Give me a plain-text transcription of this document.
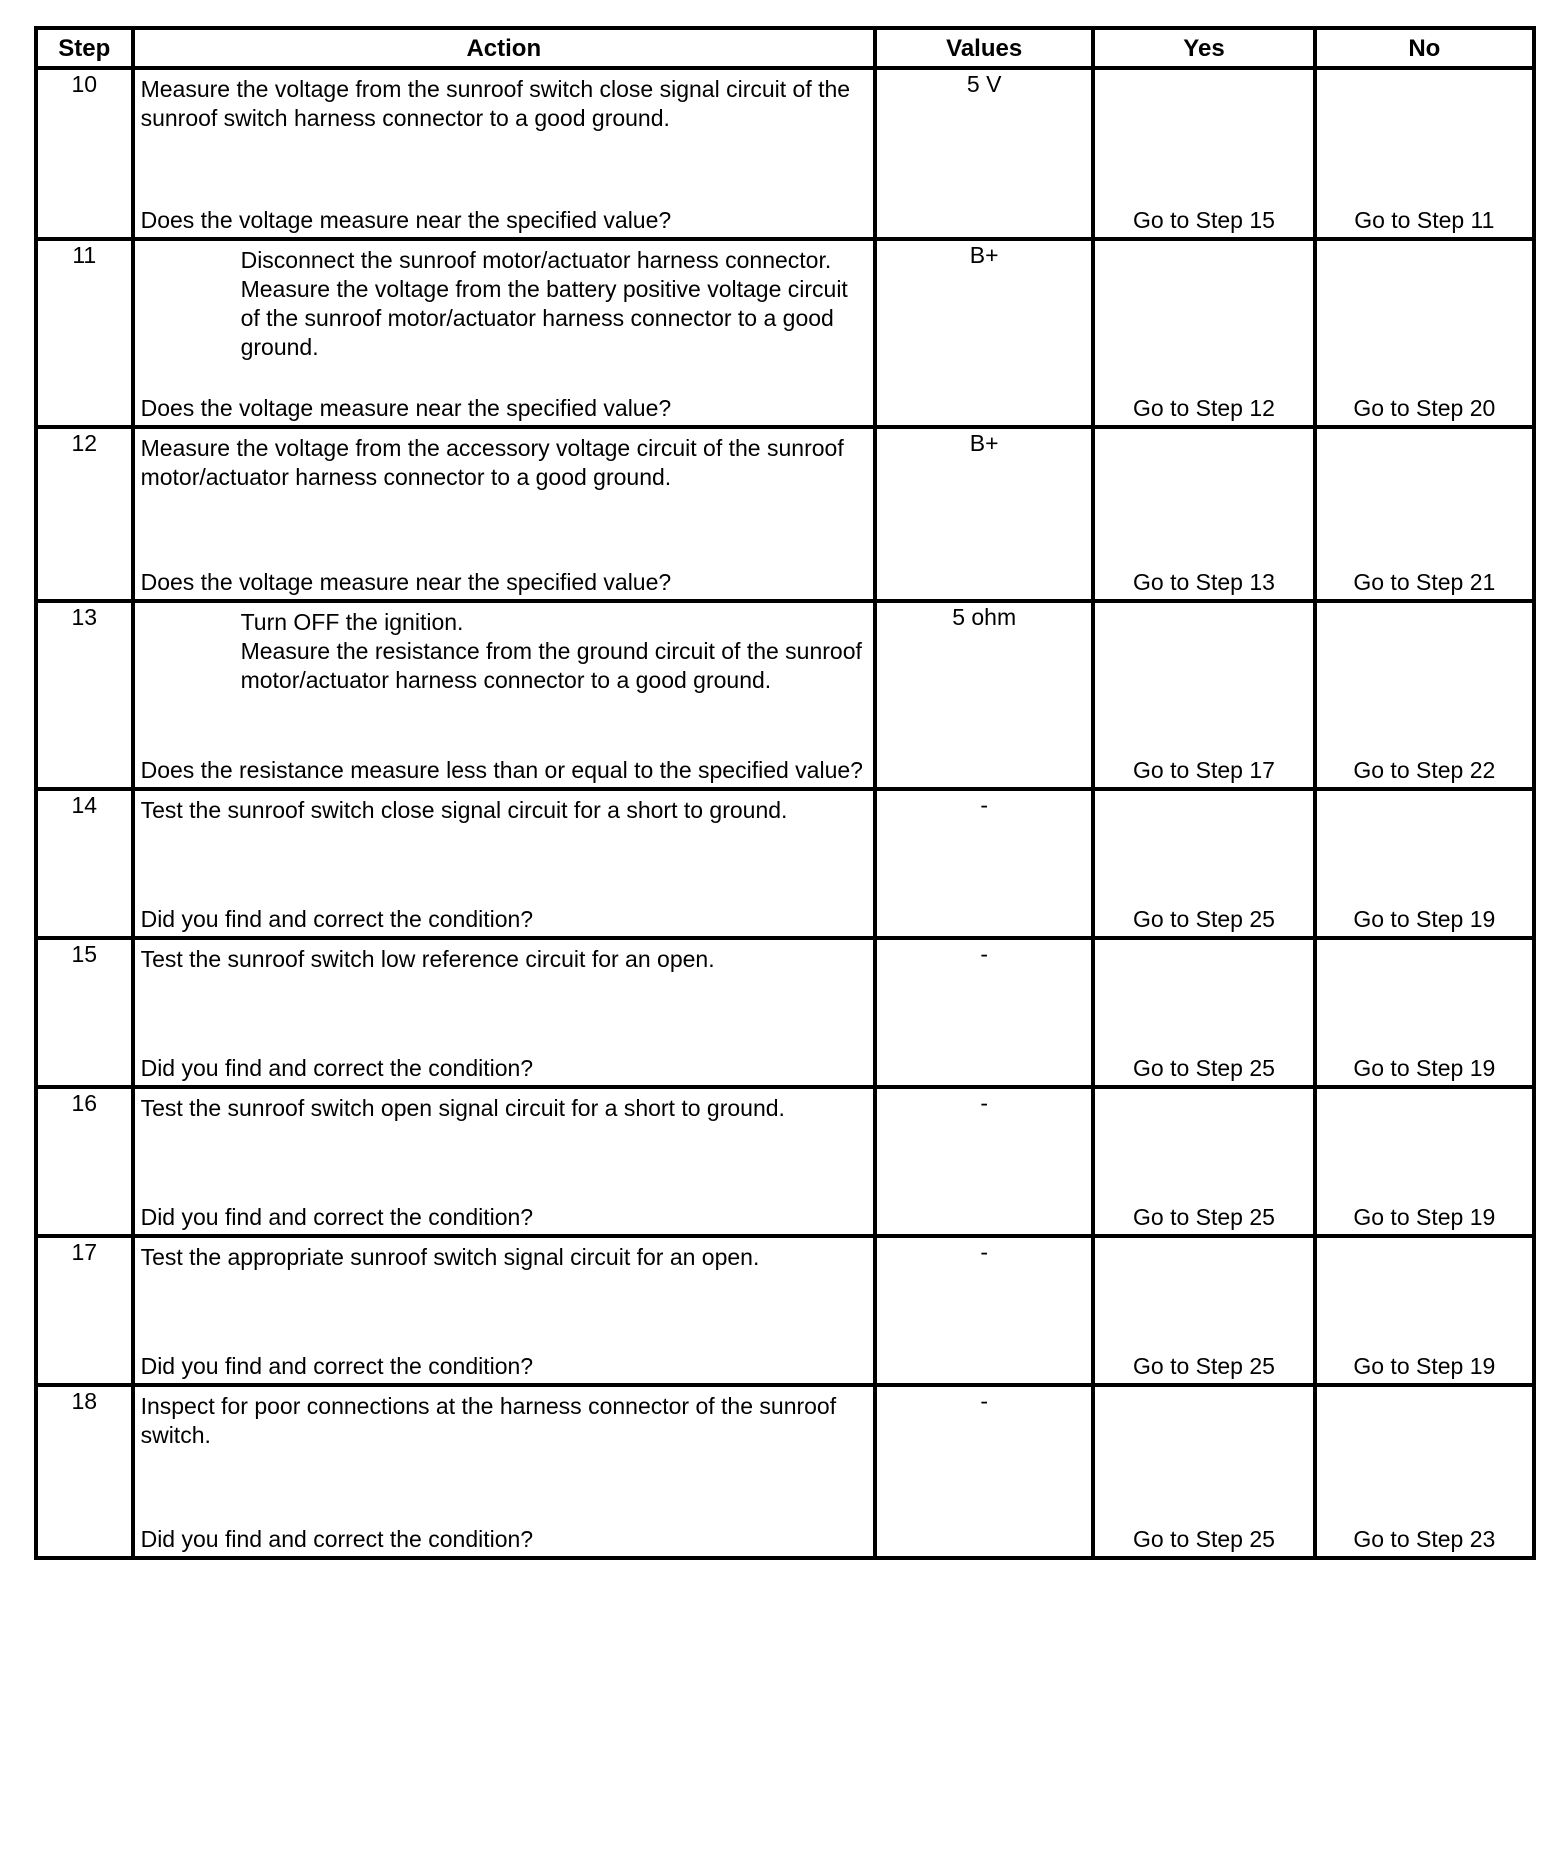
Step	Action	Values	Yes	No
10	Measure the voltage from the sunroof switch close signal circuit of the sunroof switch harness connector to a good ground.
Does the voltage measure near the specified value?	5 V	Go to Step 15	Go to Step 11

11	Disconnect the sunroof motor/actuator harness connector.
Measure the voltage from the battery positive voltage circuit of the sunroof motor/actuator harness connector to a good ground.
Does the voltage measure near the specified value?	B+	Go to Step 12	Go to Step 20

12	Measure the voltage from the accessory voltage circuit of the sunroof motor/actuator harness connector to a good ground.
Does the voltage measure near the specified value?	B+	Go to Step 13	Go to Step 21

13	Turn OFF the ignition.
Measure the resistance from the ground circuit of the sunroof motor/actuator harness connector to a good ground.
Does the resistance measure less than or equal to the specified value?	5 ohm	Go to Step 17	Go to Step 22

14	Test the sunroof switch close signal circuit for a short to ground.
Did you find and correct the condition?	-	Go to Step 25	Go to Step 19

15	Test the sunroof switch low reference circuit for an open.
Did you find and correct the condition?	-	Go to Step 25	Go to Step 19

16	Test the sunroof switch open signal circuit for a short to ground.
Did you find and correct the condition?	-	Go to Step 25	Go to Step 19

17	Test the appropriate sunroof switch signal circuit for an open.
Did you find and correct the condition?	-	Go to Step 25	Go to Step 19

18	Inspect for poor connections at the harness connector of the sunroof switch.
Did you find and correct the condition?	-	Go to Step 25	Go to Step 23
